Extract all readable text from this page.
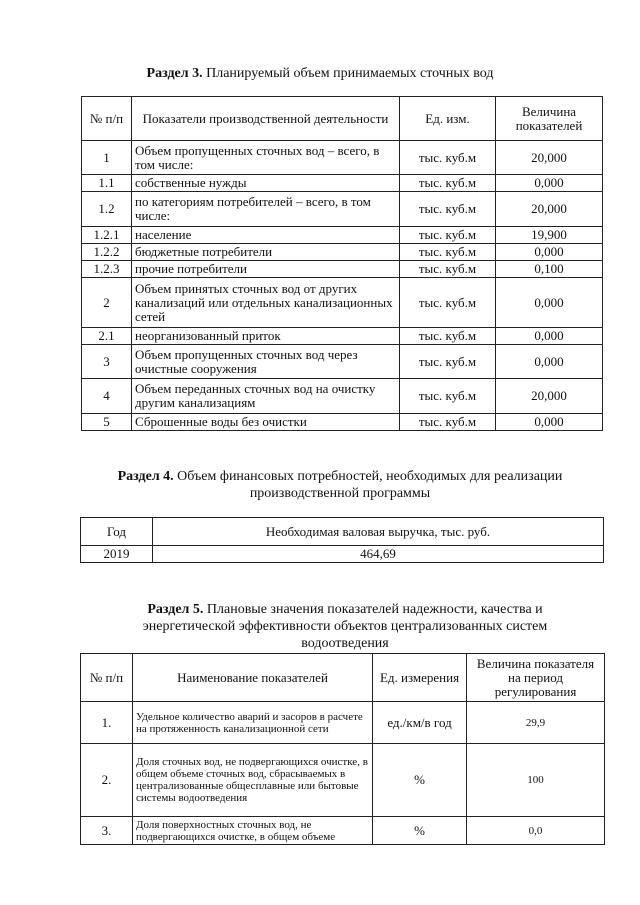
Раздел 3. Планируемый объем принимаемых сточных вод
№ п/п	Показатели производственной деятельности	Ед. изм.	Величина показателей
1	Объем пропущенных сточных вод – всего, в том числе:	тыс. куб.м	20,000
1.1	собственные нужды	тыс. куб.м	0,000
1.2	по категориям потребителей – всего, в том числе:	тыс. куб.м	20,000
1.2.1	население	тыс. куб.м	19,900
1.2.2	бюджетные потребители	тыс. куб.м	0,000
1.2.3	прочие потребители	тыс. куб.м	0,100
2	Объем принятых сточных вод от других канализаций или отдельных канализационных сетей	тыс. куб.м	0,000
2.1	неорганизованный приток	тыс. куб.м	0,000
3	Объем пропущенных сточных вод через очистные сооружения	тыс. куб.м	0,000
4	Объем переданных сточных вод на очистку другим канализациям	тыс. куб.м	20,000
5	Сброшенные воды без очистки	тыс. куб.м	0,000
Раздел 4. Объем финансовых потребностей, необходимых для реализации производственной программы
Год	Необходимая валовая выручка, тыс. руб.
2019	464,69
Раздел 5. Плановые значения показателей надежности, качества и энергетической эффективности объектов централизованных систем водоотведения
№ п/п	Наименование показателей	Ед. измерения	Величина показателя на период регулирования
1.	Удельное количество аварий и засоров в расчете на протяженность канализационной сети	ед./км/в год	29,9
2.	Доля сточных вод, не подвергающихся очистке, в общем объеме сточных вод, сбрасываемых в централизованные общесплавные или бытовые системы водоотведения	%	100
3.	Доля поверхностных сточных вод, не подвергающихся очистке, в общем объеме	%	0,0
